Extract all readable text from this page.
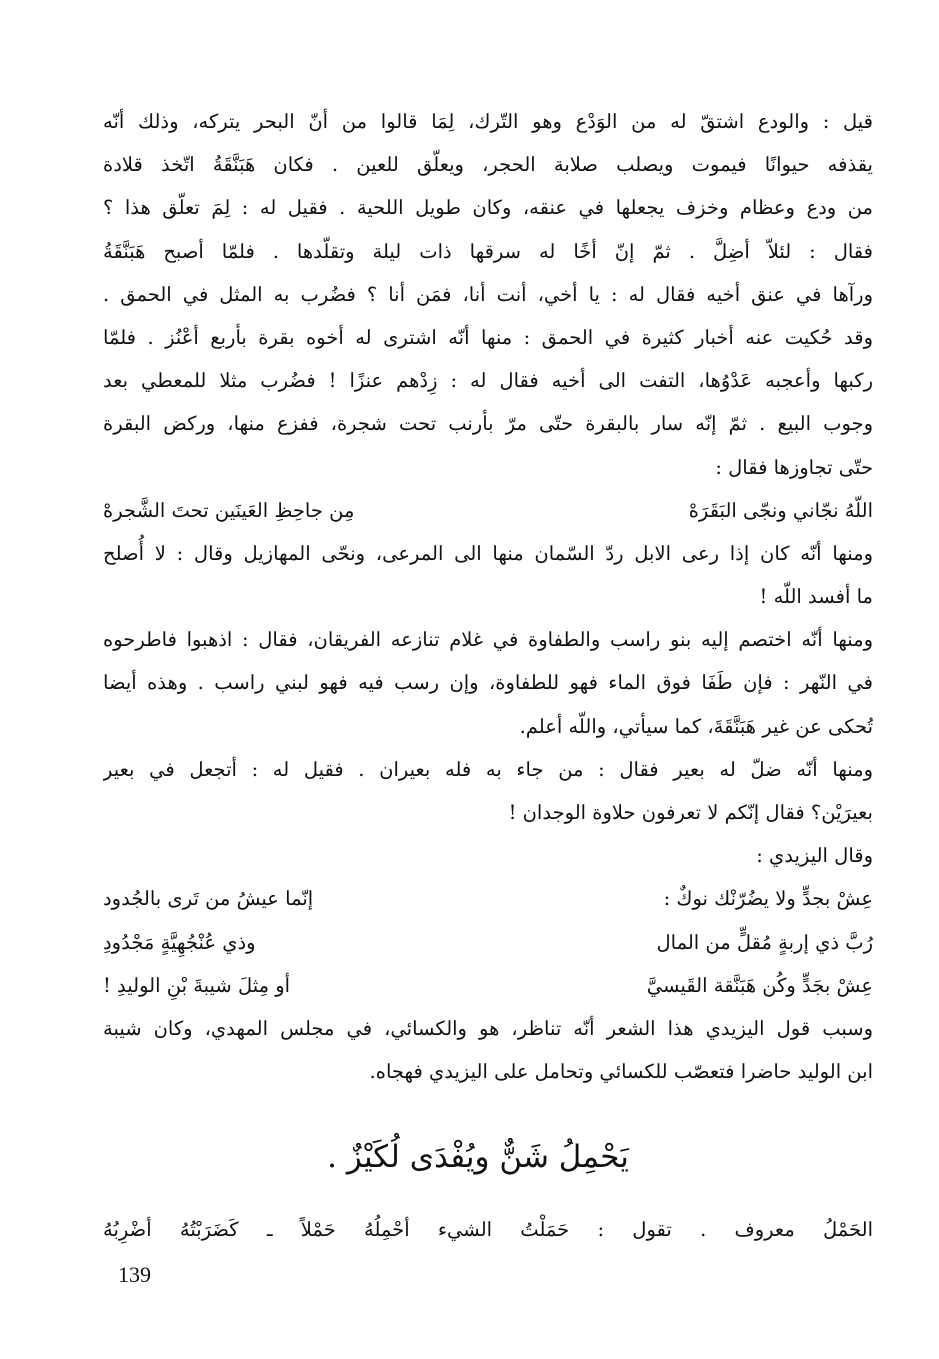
قيل : والودع اشتقّ له من الوَدْع وهو التّرك، لِمَا قالوا من أنّ البحر يتركه، وذلك أنّه
يقذفه حيوانًا فيموت ويصلب صلابة الحجر، ويعلّق للعين . فكان هَبَنَّقَةُ اتّخذ قلادة
من ودع وعظام وخزف يجعلها في عنقه، وكان طويل اللحية . فقيل له : لِمَ تعلّق هذا ؟
فقال : لئلاّ أضِلَّ . ثمّ إنّ أخًا له سرقها ذات ليلة وتقلّدها . فلمّا أصبح هَبَنَّقَةُ
ورآها في عنق أخيه فقال له : يا أخي، أنت أنا، فمَن أنا ؟ فضُرب به المثل في الحمق .
وقد حُكيت عنه أخبار كثيرة في الحمق : منها أنّه اشترى له أخوه بقرة بأربع أعْنُز . فلمّا
ركبها وأعجبه عَدْوُها، التفت الى أخيه فقال له : زِدْهم عنزًا ! فضُرب مثلا للمعطي بعد
وجوب البيع . ثمّ إنّه سار بالبقرة حتّى مرّ بأرنب تحت شجرة، ففزع منها، وركض البقرة
حتّى تجاوزها فقال :
اللّهُ نجّاني ونجّى البَقَرَهْ
مِن جاحِظِ العَينَين تحتَ الشَّجرهْ
ومنها أنّه كان إذا رعى الابل ردّ السّمان منها الى المرعى، ونحّى المهازيل وقال : لا أُصلح
ما أفسد اللّه !
ومنها أنّه اختصم إليه بنو راسب والطفاوة في غلام تنازعه الفريقان، فقال : اذهبوا فاطرحوه
في النّهر : فإن طَفَا فوق الماء فهو للطفاوة، وإن رسب فيه فهو لبني راسب . وهذه أيضا
تُحكى عن غير هَبَنَّقَةَ، كما سيأتي، واللّه أعلم.
ومنها أنّه ضلّ له بعير فقال : من جاء به فله بعيران . فقيل له : أتجعل في بعير
بعيرَيْن؟ فقال إنّكم لا تعرفون حلاوة الوجدان !
وقال اليزيدي :
عِشْ بجدٍّ ولا يضُرّنْك نوكٌ :
إنّما عيشُ من تَرى بالجُدود
رُبَّ ذي إربةٍ مُقلٍّ من المال
وذي عُنْجُهِيَّةٍ مَجْدُودِ
عِشْ بجَدٍّ وكُن هَبَنَّقة القَيسيَّ
أو مِثلَ شيبةَ بْنِ الوليدِ !
وسبب قول اليزيدي هذا الشعر أنّه تناظر، هو والكسائي، في مجلس المهدي، وكان شيبة
ابن الوليد حاضرا فتعصّب للكسائي وتحامل على اليزيدي فهجاه.
يَحْمِلُ شَنٌّ ويُفْدَى لُكَيْزٌ .
الحَمْلُ معروف . تقول : حَمَلْتُ الشيء أحْمِلُهُ حَمْلاً ـ كَضَرَبْتُهُ أضْرِبُهُ
139
